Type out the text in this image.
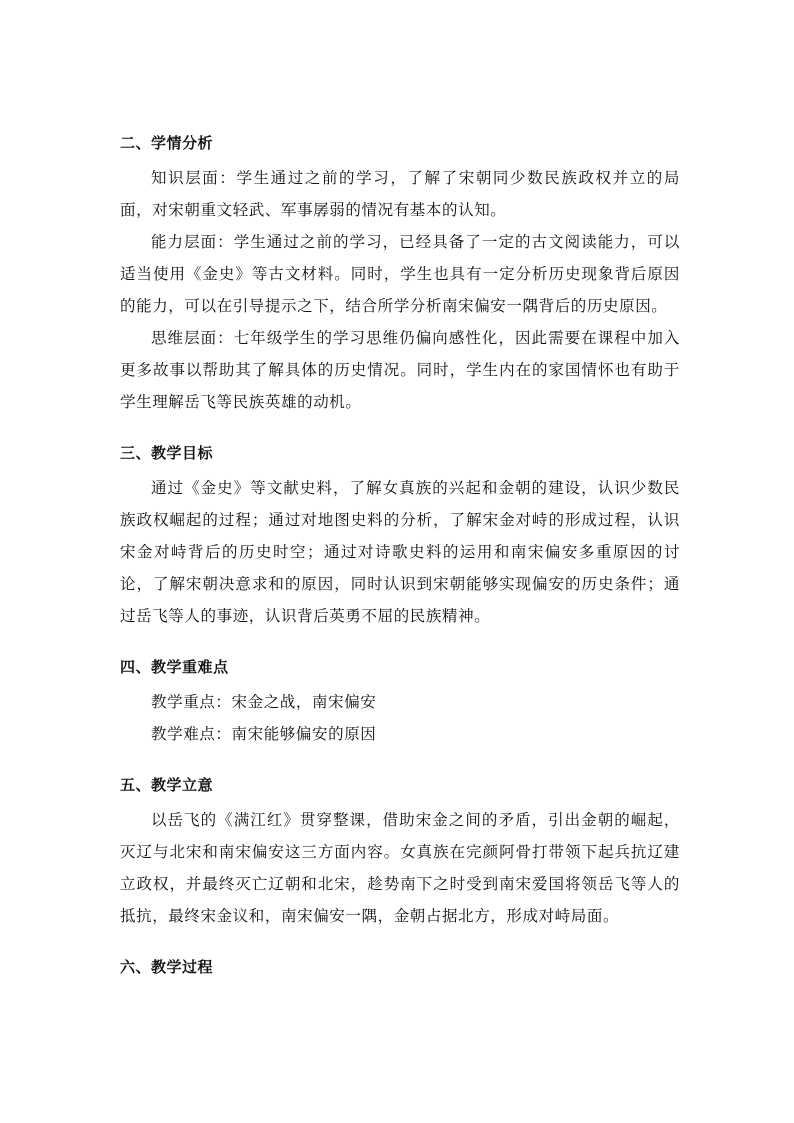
二、学情分析

知识层面：学生通过之前的学习，了解了宋朝同少数民族政权并立的局面，对宋朝重文轻武、军事孱弱的情况有基本的认知。

能力层面：学生通过之前的学习，已经具备了一定的古文阅读能力，可以适当使用《金史》等古文材料。同时，学生也具有一定分析历史现象背后原因的能力，可以在引导提示之下，结合所学分析南宋偏安一隅背后的历史原因。

思维层面：七年级学生的学习思维仍偏向感性化，因此需要在课程中加入更多故事以帮助其了解具体的历史情况。同时，学生内在的家国情怀也有助于学生理解岳飞等民族英雄的动机。

三、教学目标

通过《金史》等文献史料，了解女真族的兴起和金朝的建设，认识少数民族政权崛起的过程；通过对地图史料的分析，了解宋金对峙的形成过程，认识宋金对峙背后的历史时空；通过对诗歌史料的运用和南宋偏安多重原因的讨论，了解宋朝决意求和的原因，同时认识到宋朝能够实现偏安的历史条件；通过岳飞等人的事迹，认识背后英勇不屈的民族精神。

四、教学重难点

教学重点：宋金之战，南宋偏安

教学难点：南宋能够偏安的原因

五、教学立意

以岳飞的《满江红》贯穿整课，借助宋金之间的矛盾，引出金朝的崛起，灭辽与北宋和南宋偏安这三方面内容。女真族在完颜阿骨打带领下起兵抗辽建立政权，并最终灭亡辽朝和北宋，趁势南下之时受到南宋爱国将领岳飞等人的抵抗，最终宋金议和，南宋偏安一隅，金朝占据北方，形成对峙局面。

六、教学过程
